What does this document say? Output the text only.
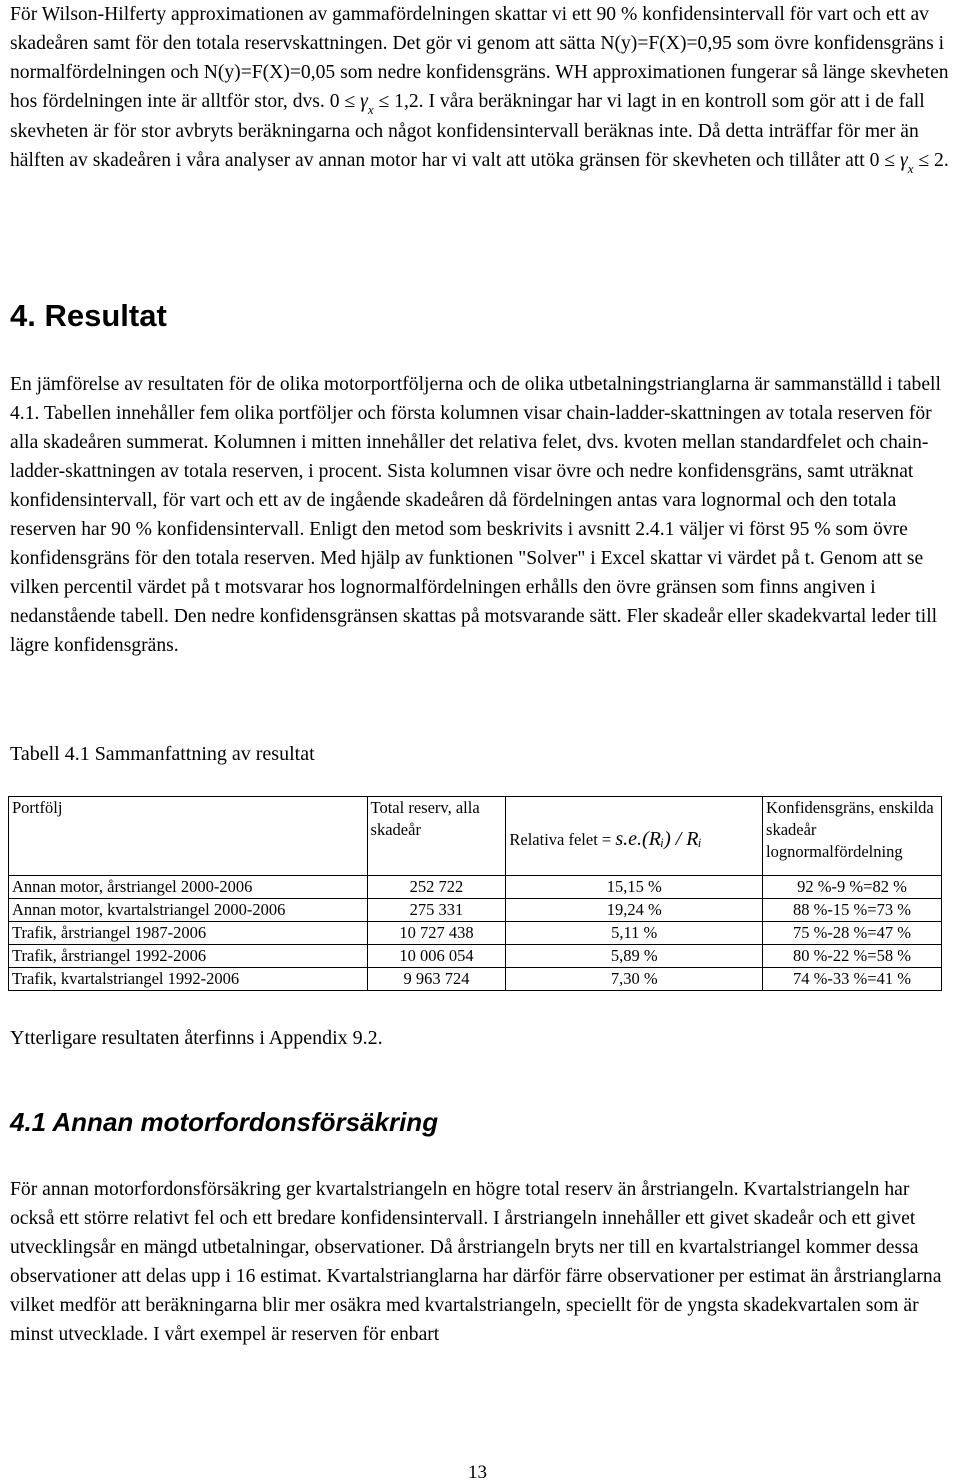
För Wilson-Hilferty approximationen av gammafördelningen skattar vi ett 90 % konfidensintervall för vart och ett av skadeåren samt för den totala reservskattningen. Det gör vi genom att sätta N(y)=F(X)=0,95 som övre konfidensgräns i normalfördelningen och N(y)=F(X)=0,05 som nedre konfidensgräns. WH approximationen fungerar så länge skevheten hos fördelningen inte är alltför stor, dvs. $0 \le \gamma_x \le 1,2$. I våra beräkningar har vi lagt in en kontroll som gör att i de fall skevheten är för stor avbryts beräkningarna och något konfidensintervall beräknas inte. Då detta inträffar för mer än hälften av skadeåren i våra analyser av annan motor har vi valt att utöka gränsen för skevheten och tillåter att $0 \le \gamma_x \le 2$.

4. Resultat

En jämförelse av resultaten för de olika motorportföljerna och de olika utbetalningstrianglarna är sammanställd i tabell 4.1. Tabellen innehåller fem olika portföljer och första kolumnen visar chain-ladder-skattningen av totala reserven för alla skadeåren summerat. Kolumnen i mitten innehåller det relativa felet, dvs. kvoten mellan standardfelet och chain-ladder-skattningen av totala reserven, i procent. Sista kolumnen visar övre och nedre konfidensgräns, samt uträknat konfidensintervall, för vart och ett av de ingående skadeåren då fördelningen antas vara lognormal och den totala reserven har 90 % konfidensintervall. Enligt den metod som beskrivits i avsnitt 2.4.1 väljer vi först 95 % som övre konfidensgräns för den totala reserven. Med hjälp av funktionen "Solver" i Excel skattar vi värdet på t. Genom att se vilken percentil värdet på t motsvarar hos lognormalfördelningen erhålls den övre gränsen som finns angiven i nedanstående tabell. Den nedre konfidensgränsen skattas på motsvarande sätt. Fler skadeår eller skadekvartal leder till lägre konfidensgräns.

Tabell 4.1 Sammanfattning av resultat
Portfölj	Total reserv, alla skadeår	Relativa felet = s.e.(Rᵢ) / Rᵢ	Konfidensgräns, enskilda skadeår lognormalfördelning
Annan motor, årstriangel 2000-2006	252 722	15,15 %	92 %-9 %=82 %
Annan motor, kvartalstriangel 2000-2006	275 331	19,24 %	88 %-15 %=73 %
Trafik, årstriangel 1987-2006	10 727 438	5,11 %	75 %-28 %=47 %
Trafik, årstriangel 1992-2006	10 006 054	5,89 %	80 %-22 %=58 %
Trafik, kvartalstriangel 1992-2006	9 963 724	7,30 %	74 %-33 %=41 %
Ytterligare resultaten återfinns i Appendix 9.2.
4.1 Annan motorfordonsförsäkring

För annan motorfordonsförsäkring ger kvartalstriangeln en högre total reserv än årstriangeln. Kvartalstriangeln har också ett större relativt fel och ett bredare konfidensintervall. I årstriangeln innehåller ett givet skadeår och ett givet utvecklingsår en mängd utbetalningar, observationer. Då årstriangeln bryts ner till en kvartalstriangel kommer dessa observationer att delas upp i 16 estimat. Kvartalstrianglarna har därför färre observationer per estimat än årstrianglarna vilket medför att beräkningarna blir mer osäkra med kvartalstriangeln, speciellt för de yngsta skadekvartalen som är minst utvecklade. I vårt exempel är reserven för enbart

13
